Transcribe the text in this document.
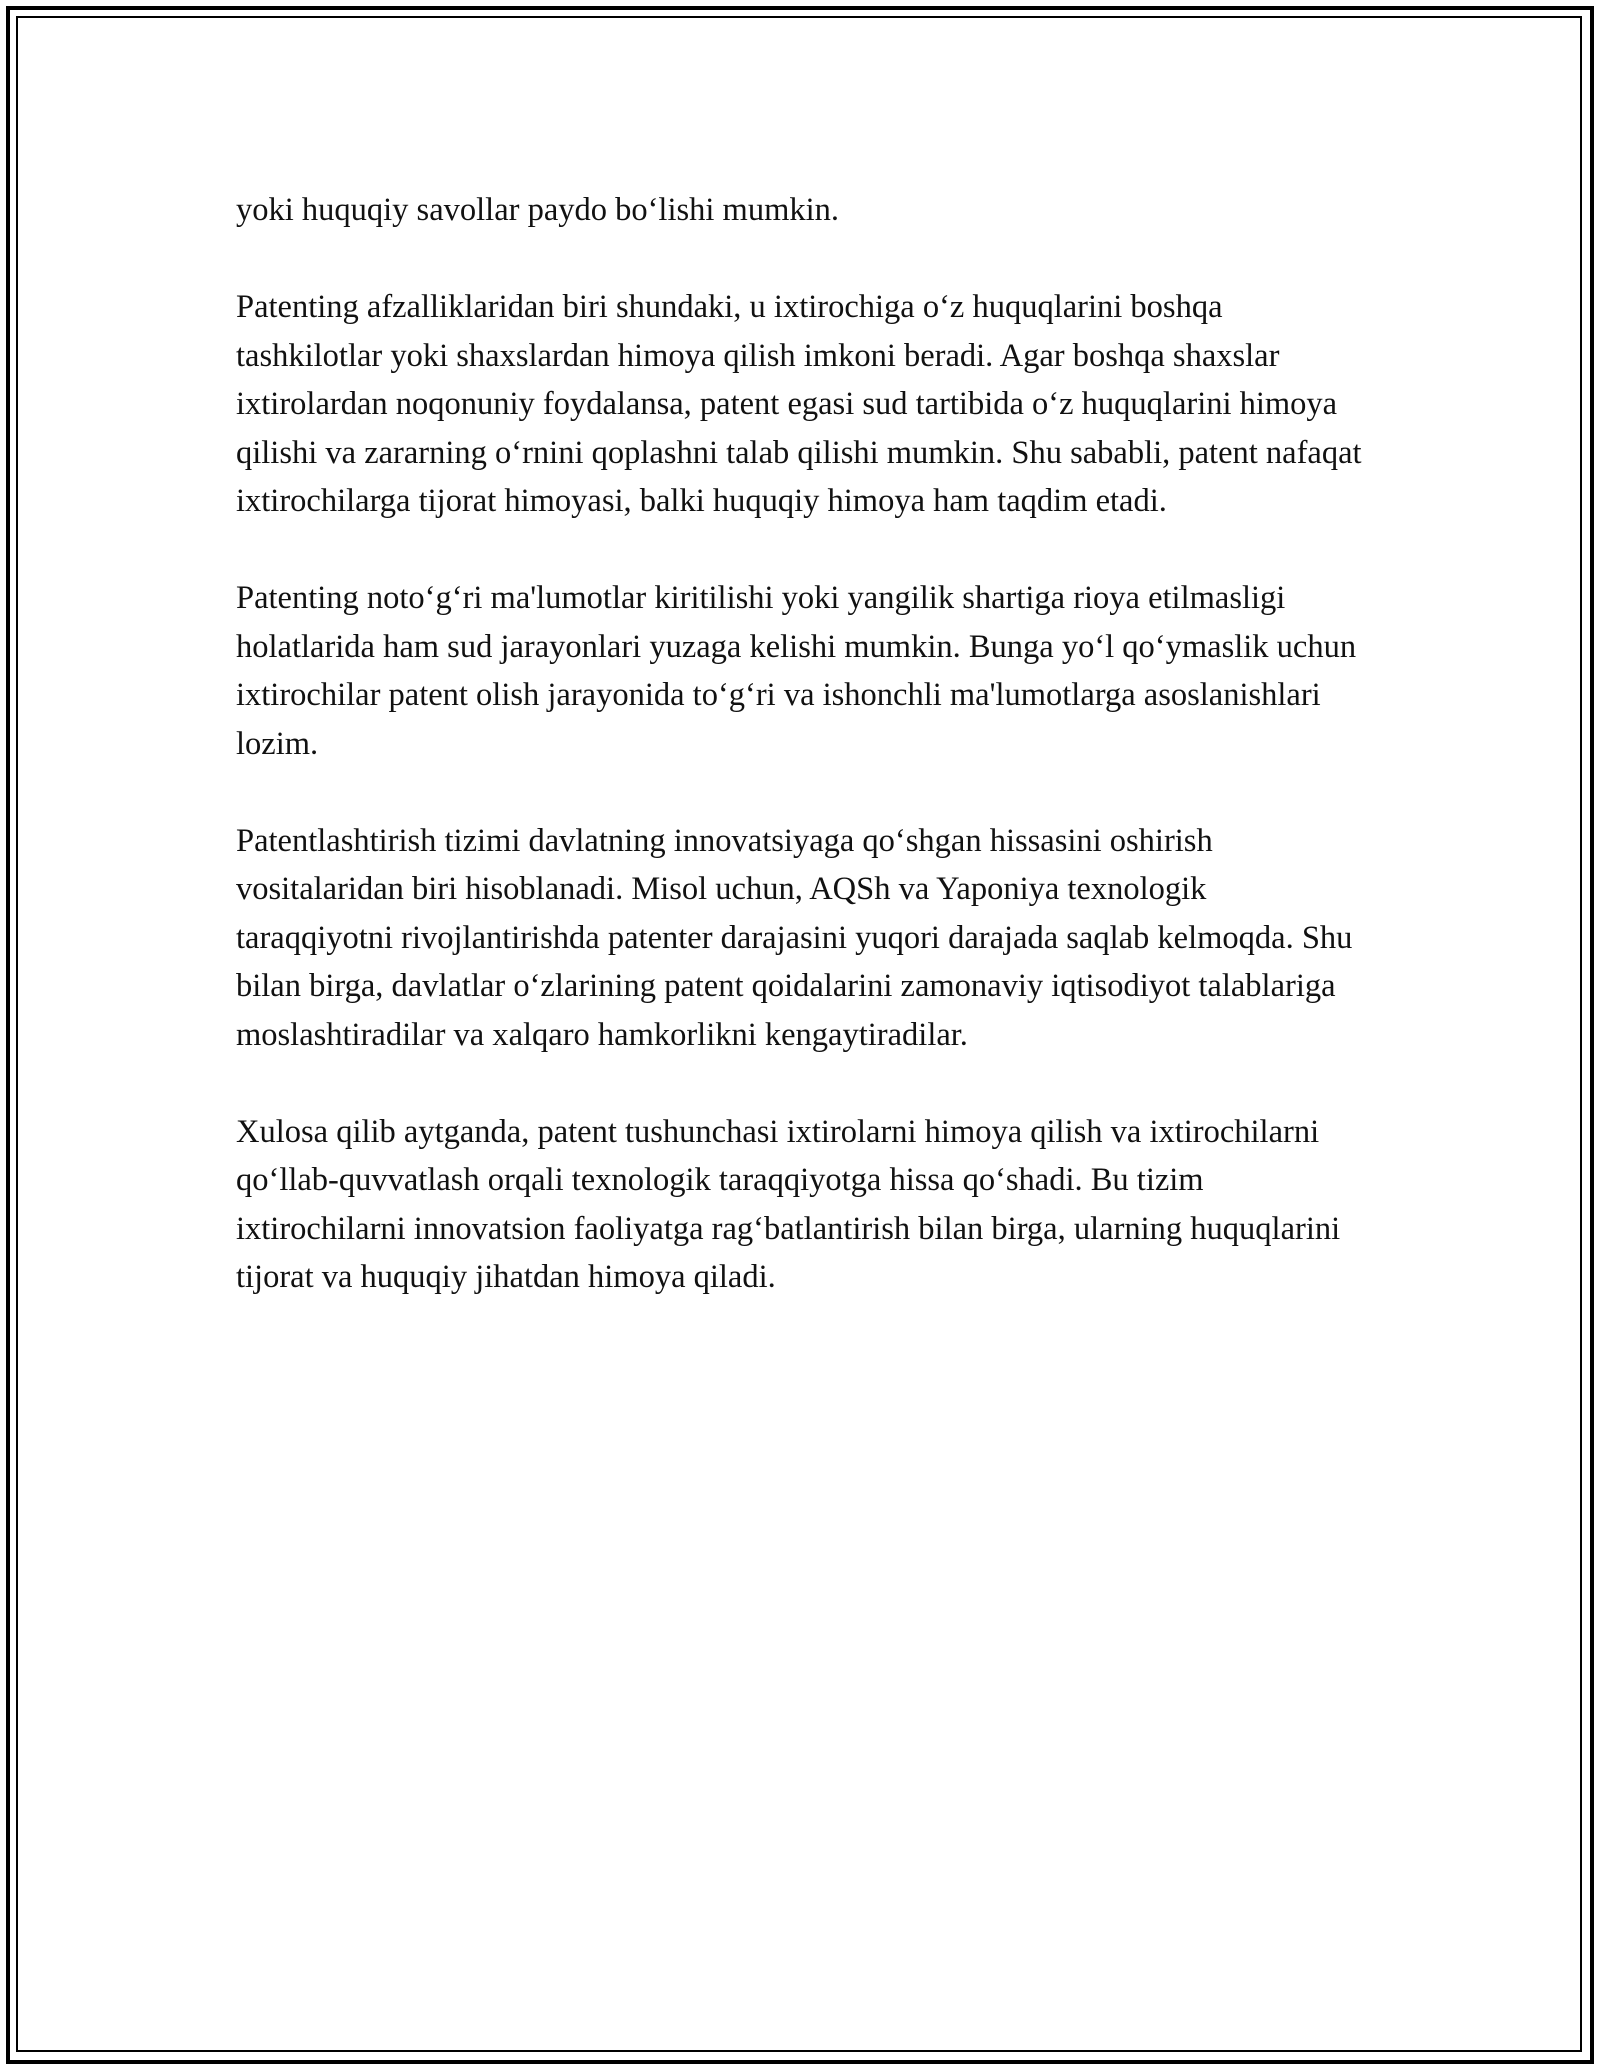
yoki huquqiy savollar paydo bo‘lishi mumkin.

Patenting afzalliklaridan biri shundaki, u ixtirochiga o‘z huquqlarini boshqa tashkilotlar yoki shaxslardan himoya qilish imkoni beradi. Agar boshqa shaxslar ixtirolardan noqonuniy foydalansa, patent egasi sud tartibida o‘z huquqlarini himoya qilishi va zararning o‘rnini qoplashni talab qilishi mumkin. Shu sababli, patent nafaqat ixtirochilarga tijorat himoyasi, balki huquqiy himoya ham taqdim etadi.

Patenting noto‘g‘ri ma'lumotlar kiritilishi yoki yangilik shartiga rioya etilmasligi holatlarida ham sud jarayonlari yuzaga kelishi mumkin. Bunga yo‘l qo‘ymaslik uchun ixtirochilar patent olish jarayonida to‘g‘ri va ishonchli ma'lumotlarga asoslanishlari lozim.

Patentlashtirish tizimi davlatning innovatsiyaga qo‘shgan hissasini oshirish vositalaridan biri hisoblanadi. Misol uchun, AQSh va Yaponiya texnologik taraqqiyotni rivojlantirishda patenter darajasini yuqori darajada saqlab kelmoqda. Shu bilan birga, davlatlar o‘zlarining patent qoidalarini zamonaviy iqtisodiyot talablariga moslashtiradilar va xalqaro hamkorlikni kengaytiradilar.

Xulosa qilib aytganda, patent tushunchasi ixtirolarni himoya qilish va ixtirochilarni qo‘llab-quvvatlash orqali texnologik taraqqiyotga hissa qo‘shadi. Bu tizim ixtirochilarni innovatsion faoliyatga rag‘batlantirish bilan birga, ularning huquqlarini tijorat va huquqiy jihatdan himoya qiladi.
